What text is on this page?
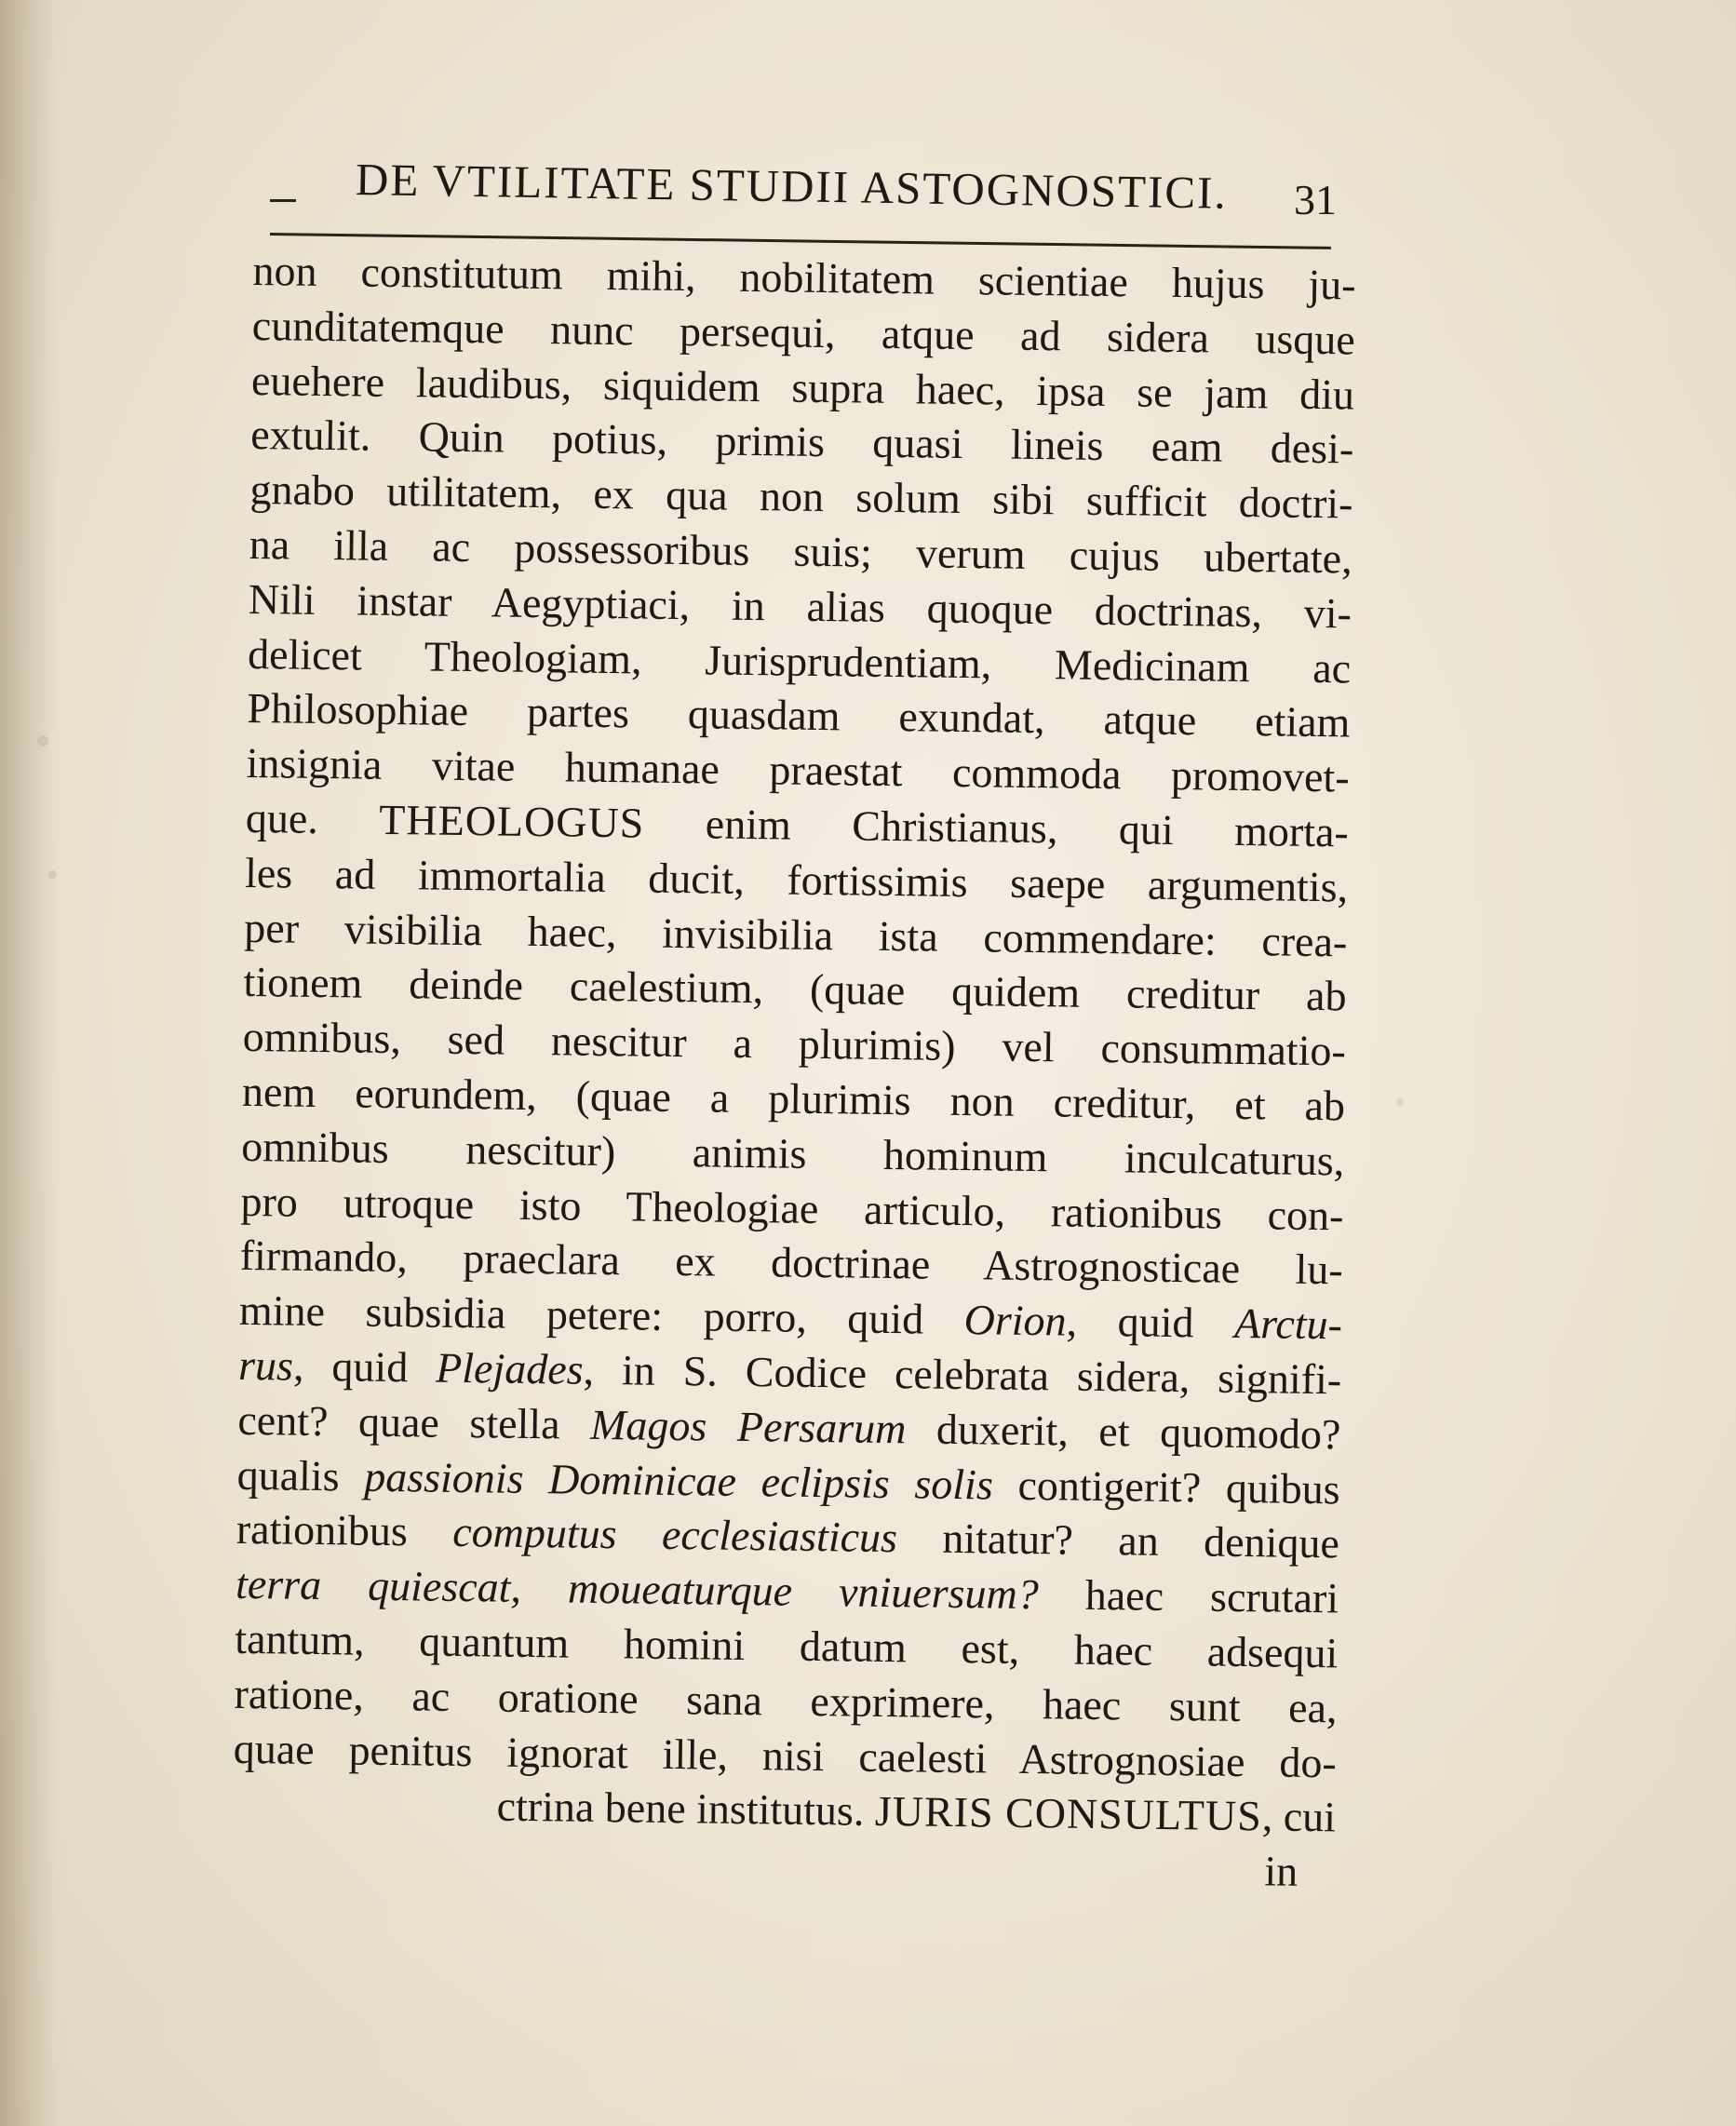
DE VTILITATE STUDII ASTOGNOSTICI. 31
non constitutum mihi, nobilitatem scientiae hujus ju-
cunditatemque nunc persequi, atque ad sidera usque
euehere laudibus, siquidem supra haec, ipsa se jam diu
extulit. Quin potius, primis quasi lineis eam desi-
gnabo utilitatem, ex qua non solum sibi sufficit doctri-
na illa ac possessoribus suis; verum cujus ubertate,
Nili instar Aegyptiaci, in alias quoque doctrinas, vi-
delicet Theologiam, Jurisprudentiam, Medicinam ac
Philosophiae partes quasdam exundat, atque etiam
insignia vitae humanae praestat commoda promovet-
que. THEOLOGUS enim Christianus, qui morta-
les ad immortalia ducit, fortissimis saepe argumentis,
per visibilia haec, invisibilia ista commendare: crea-
tionem deinde caelestium, (quae quidem creditur ab
omnibus, sed nescitur a plurimis) vel consummatio-
nem eorundem, (quae a plurimis non creditur, et ab
omnibus nescitur) animis hominum inculcaturus,
pro utroque isto Theologiae articulo, rationibus con-
firmando, praeclara ex doctrinae Astrognosticae lu-
mine subsidia petere: porro, quid Orion, quid Arctu-
rus, quid Plejades, in S. Codice celebrata sidera, signifi-
cent? quae stella Magos Persarum duxerit, et quomodo?
qualis passionis Dominicae eclipsis solis contigerit? quibus
rationibus computus ecclesiasticus nitatur? an denique
terra quiescat, moueaturque vniuersum? haec scrutari
tantum, quantum homini datum est, haec adsequi
ratione, ac oratione sana exprimere, haec sunt ea,
quae penitus ignorat ille, nisi caelesti Astrognosiae do-
ctrina bene institutus. JURIS CONSULTUS, cui
in
